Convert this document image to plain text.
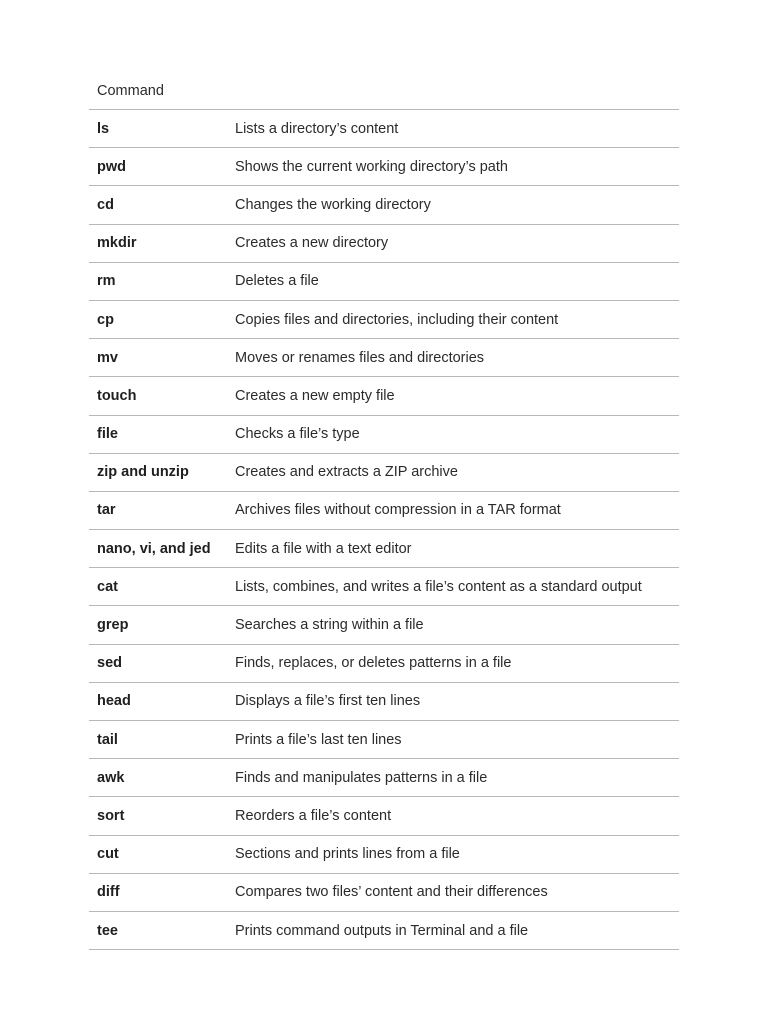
Command
ls	Lists a directory’s content
pwd	Shows the current working directory’s path
cd	Changes the working directory
mkdir	Creates a new directory
rm	Deletes a file
cp	Copies files and directories, including their content
mv	Moves or renames files and directories
touch	Creates a new empty file
file	Checks a file’s type
zip and unzip	Creates and extracts a ZIP archive
tar	Archives files without compression in a TAR format
nano, vi, and jed	Edits a file with a text editor
cat	Lists, combines, and writes a file’s content as a standard output
grep	Searches a string within a file
sed	Finds, replaces, or deletes patterns in a file
head	Displays a file’s first ten lines
tail	Prints a file’s last ten lines
awk	Finds and manipulates patterns in a file
sort	Reorders a file’s content
cut	Sections and prints lines from a file
diff	Compares two files’ content and their differences
tee	Prints command outputs in Terminal and a file
